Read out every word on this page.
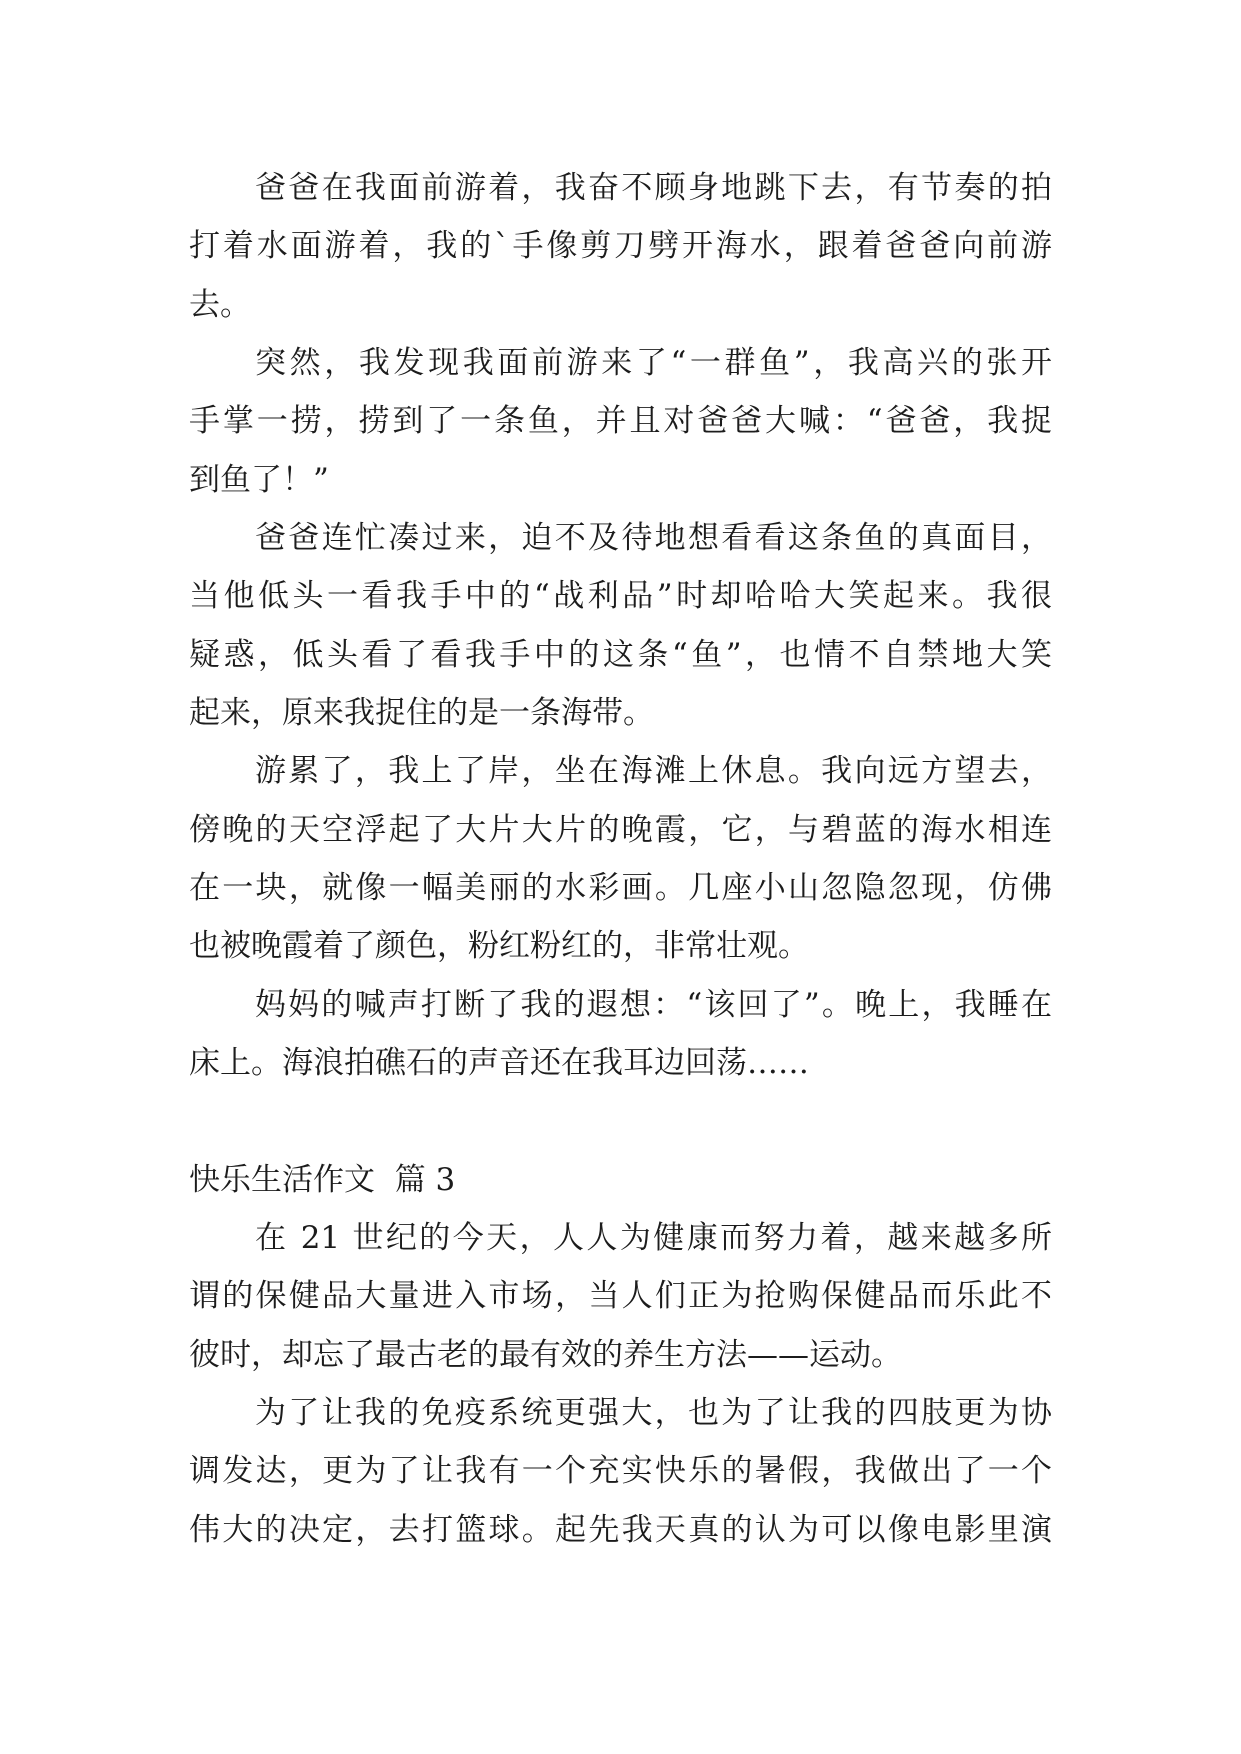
爸爸在我面前游着，我奋不顾身地跳下去，有节奏的拍
打着水面游着，我的`手像剪刀劈开海水，跟着爸爸向前游
去。
突然，我发现我面前游来了“一群鱼”，我高兴的张开
手掌一捞，捞到了一条鱼，并且对爸爸大喊：“爸爸，我捉
到鱼了！”
爸爸连忙凑过来，迫不及待地想看看这条鱼的真面目，
当他低头一看我手中的“战利品”时却哈哈大笑起来。我很
疑惑，低头看了看我手中的这条“鱼”，也情不自禁地大笑
起来，原来我捉住的是一条海带。
游累了，我上了岸，坐在海滩上休息。我向远方望去，
傍晚的天空浮起了大片大片的晚霞，它，与碧蓝的海水相连
在一块，就像一幅美丽的水彩画。几座小山忽隐忽现，仿佛
也被晚霞着了颜色，粉红粉红的，非常壮观。
妈妈的喊声打断了我的遐想：“该回了”。晚上，我睡在
床上。海浪拍礁石的声音还在我耳边回荡……
快乐生活作文  篇 3
在 21 世纪的今天，人人为健康而努力着，越来越多所
谓的保健品大量进入市场，当人们正为抢购保健品而乐此不
彼时，却忘了最古老的最有效的养生方法——运动。
为了让我的免疫系统更强大，也为了让我的四肢更为协
调发达，更为了让我有一个充实快乐的暑假，我做出了一个
伟大的决定，去打篮球。起先我天真的认为可以像电影里演
